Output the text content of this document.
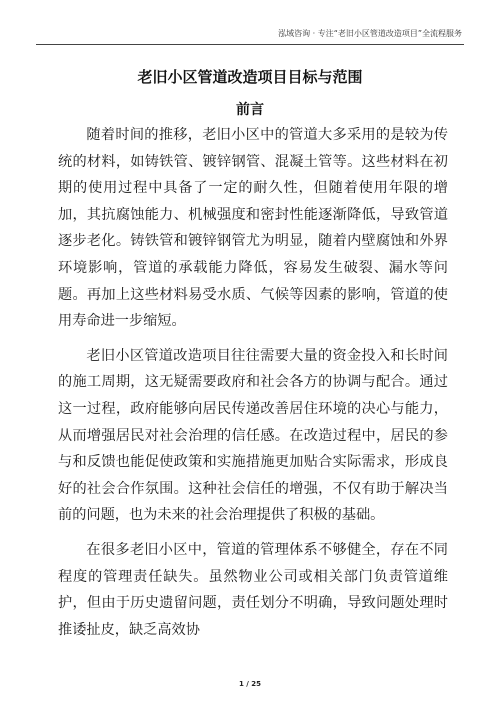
泓域咨询 · 专注“老旧小区管道改造项目”全流程服务
老旧小区管道改造项目目标与范围
前言

随着时间的推移，老旧小区中的管道大多采用的是较为传统的材料，如铸铁管、镀锌钢管、混凝土管等。这些材料在初期的使用过程中具备了一定的耐久性，但随着使用年限的增加，其抗腐蚀能力、机械强度和密封性能逐渐降低，导致管道逐步老化。铸铁管和镀锌钢管尤为明显，随着内壁腐蚀和外界环境影响，管道的承载能力降低，容易发生破裂、漏水等问题。再加上这些材料易受水质、气候等因素的影响，管道的使用寿命进一步缩短。

老旧小区管道改造项目往往需要大量的资金投入和长时间的施工周期，这无疑需要政府和社会各方的协调与配合。通过这一过程，政府能够向居民传递改善居住环境的决心与能力，从而增强居民对社会治理的信任感。在改造过程中，居民的参与和反馈也能促使政策和实施措施更加贴合实际需求，形成良好的社会合作氛围。这种社会信任的增强，不仅有助于解决当前的问题，也为未来的社会治理提供了积极的基础。

在很多老旧小区中，管道的管理体系不够健全，存在不同程度的管理责任缺失。虽然物业公司或相关部门负责管道维护，但由于历史遗留问题，责任划分不明确，导致问题处理时推诿扯皮，缺乏高效协

1 / 25
